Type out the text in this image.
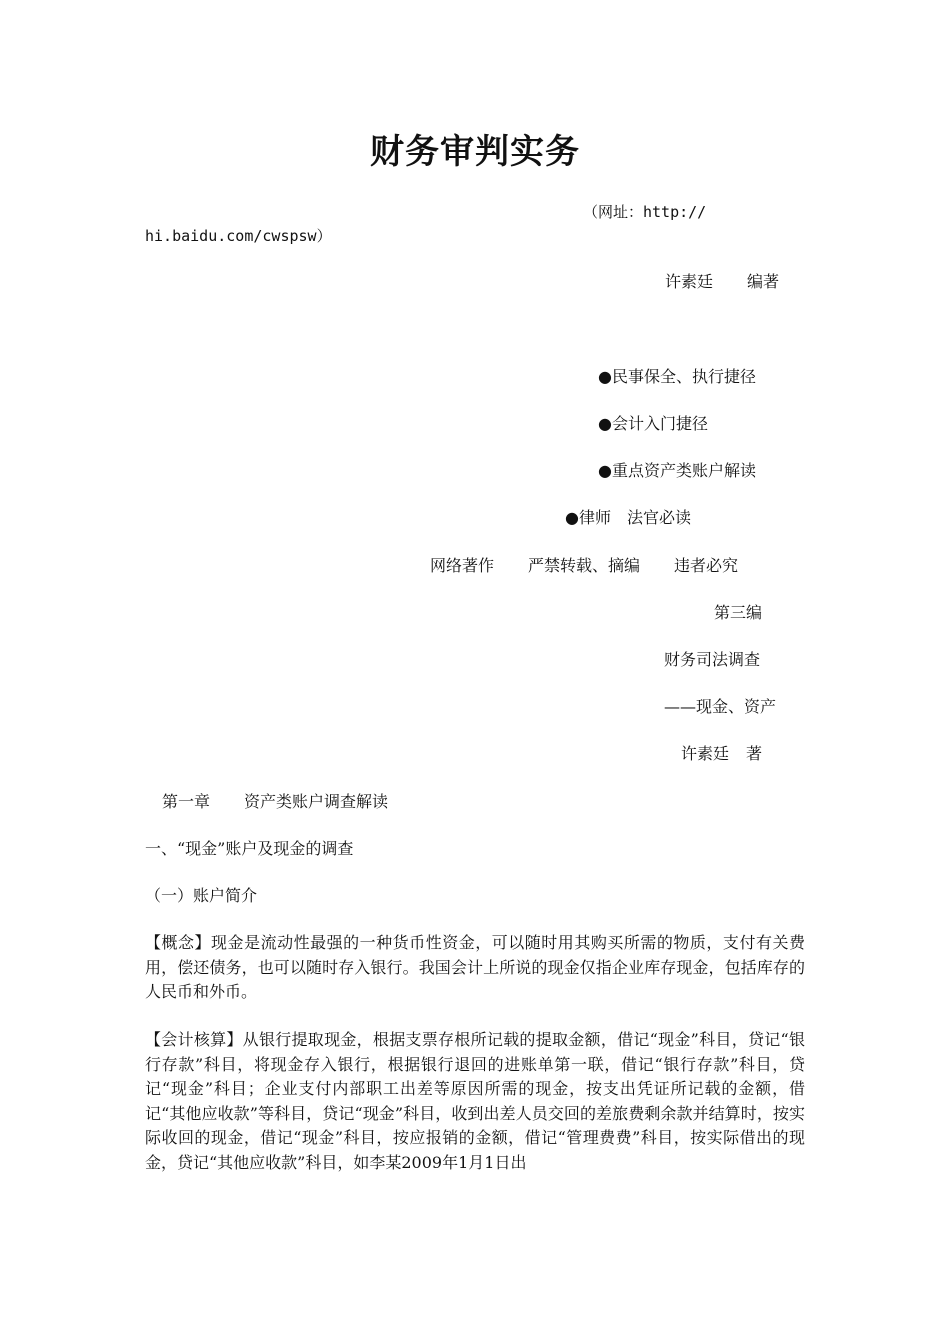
财务审判实务
（网址：http://
hi.baidu.com/cwspsw）
许素廷 编著
●民事保全、执行捷径
●会计入门捷径
●重点资产类账户解读
●律师　法官必读
网络著作 严禁转载、摘编 违者必究
第三编
财务司法调查
——现金、资产
许素廷 著
第一章 资产类账户调查解读
一、“现金”账户及现金的调查
（一）账户简介
【概念】现金是流动性最强的一种货币性资金，可以随时用其购买所需的物质，支付有关费用，偿还债务，也可以随时存入银行。我国会计上所说的现金仅指企业库存现金，包括库存的人民币和外币。
【会计核算】从银行提取现金，根据支票存根所记载的提取金额，借记“现金”科目，贷记“银行存款”科目，将现金存入银行，根据银行退回的进账单第一联，借记“银行存款”科目，贷记“现金”科目；企业支付内部职工出差等原因所需的现金，按支出凭证所记载的金额，借记“其他应收款”等科目，贷记“现金”科目，收到出差人员交回的差旅费剩余款并结算时，按实际收回的现金，借记“现金”科目，按应报销的金额，借记“管理费费”科目，按实际借出的现金，贷记“其他应收款”科目，如李某2009年1月1日出
